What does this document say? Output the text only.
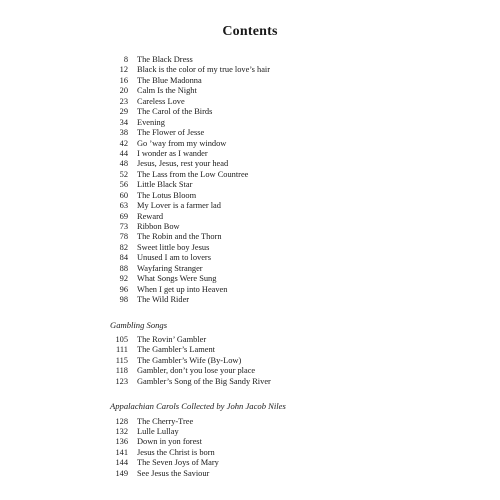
Contents
8	The Black Dress
12	Black is the color of my true love’s hair
16	The Blue Madonna
20	Calm Is the Night
23	Careless Love
29	The Carol of the Birds
34	Evening
38	The Flower of Jesse
42	Go ’way from my window
44	I wonder as I wander
48	Jesus, Jesus, rest your head
52	The Lass from the Low Countree
56	Little Black Star
60	The Lotus Bloom
63	My Lover is a farmer lad
69	Reward
73	Ribbon Bow
78	The Robin and the Thorn
82	Sweet little boy Jesus
84	Unused I am to lovers
88	Wayfaring Stranger
92	What Songs Were Sung
96	When I get up into Heaven
98	The Wild Rider
Gambling Songs
105	The Rovin’ Gambler
111	The Gambler’s Lament
115	The Gambler’s Wife (By-Low)
118	Gambler, don’t you lose your place
123	Gambler’s Song of the Big Sandy River
Appalachian Carols Collected by John Jacob Niles
128	The Cherry-Tree
132	Lulle Lullay
136	Down in yon forest
141	Jesus the Christ is born
144	The Seven Joys of Mary
149	See Jesus the Saviour
